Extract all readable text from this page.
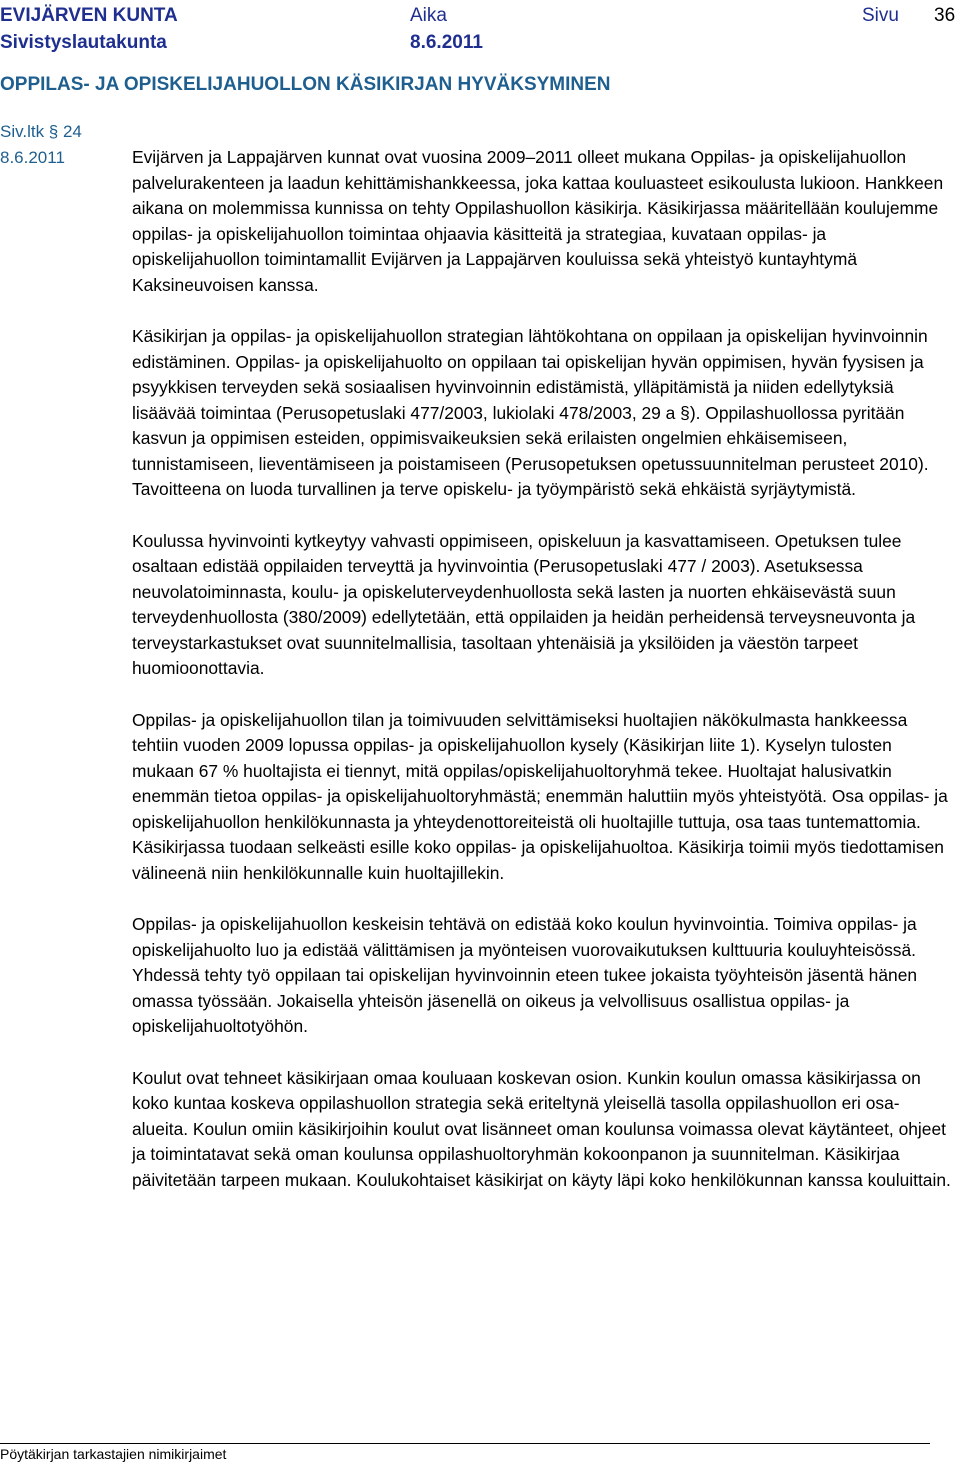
EVIJÄRVEN KUNTA
Sivistyslautakunta
Aika
8.6.2011
Sivu 36
OPPILAS- JA OPISKELIJAHUOLLON KÄSIKIRJAN HYVÄKSYMINEN
Siv.ltk § 24
8.6.2011	Evijärven ja Lappajärven kunnat ovat vuosina 2009–2011 olleet mukana Oppilas- ja opiskelijahuollon palvelurakenteen ja laadun kehittämishankkeessa, joka kattaa kouluasteet esikoulusta lukioon. Hankkeen aikana on molemmissa kunnissa on tehty Oppilashuollon käsikirja. Käsikirjassa määritellään koulujemme oppilas- ja opiskelijahuollon toimintaa ohjaavia käsitteitä ja strategiaa, kuvataan oppilas- ja opiskelijahuollon toimintamallit Evijärven ja Lappajärven kouluissa sekä yhteistyö kuntayhtymä Kaksineuvoisen kanssa.

Käsikirjan ja oppilas- ja opiskelijahuollon strategian lähtökohtana on oppilaan ja opiskelijan hyvinvoinnin edistäminen. Oppilas- ja opiskelijahuolto on oppilaan tai opiskelijan hyvän oppimisen, hyvän fyysisen ja psyykkisen terveyden sekä sosiaalisen hyvinvoinnin edistämistä, ylläpitämistä ja niiden edellytyksiä lisäävää toimintaa (Perusopetuslaki 477/2003, lukiolaki 478/2003, 29 a §). Oppilashuollossa pyritään kasvun ja oppimisen esteiden, oppimisvaikeuksien sekä erilaisten ongelmien ehkäisemiseen, tunnistamiseen, lieventämiseen ja poistamiseen (Perusopetuksen opetussuunnitelman perusteet 2010). Tavoitteena on luoda turvallinen ja terve opiskelu- ja työympäristö sekä ehkäistä syrjäytymistä.

Koulussa hyvinvointi kytkeytyy vahvasti oppimiseen, opiskeluun ja kasvattamiseen. Opetuksen tulee osaltaan edistää oppilaiden terveyttä ja hyvinvointia (Perusopetuslaki 477 / 2003). Asetuksessa neuvolatoiminnasta, koulu- ja opiskeluterveydenhuollosta sekä lasten ja nuorten ehkäisevästä suun terveydenhuollosta (380/2009) edellytetään, että oppilaiden ja heidän perheidensä terveysneuvonta ja terveystarkastukset ovat suunnitelmallisia, tasoltaan yhtenäisiä ja yksilöiden ja väestön tarpeet huomioonottavia.

Oppilas- ja opiskelijahuollon tilan ja toimivuuden selvittämiseksi huoltajien näkökulmasta hankkeessa tehtiin vuoden 2009 lopussa oppilas- ja opiskelijahuollon kysely (Käsikirjan liite 1). Kyselyn tulosten mukaan 67 % huoltajista ei tiennyt, mitä oppilas/opiskelijahuoltoryhmä tekee. Huoltajat halusivatkin enemmän tietoa oppilas- ja opiskelijahuoltoryhmästä; enemmän haluttiin myös yhteistyötä. Osa oppilas- ja opiskelijahuollon henkilökunnasta ja yhteydenottoreiteistä oli huoltajille tuttuja, osa taas tuntemattomia. Käsikirjassa tuodaan selkeästi esille koko oppilas- ja opiskelijahuoltoa. Käsikirja toimii myös tiedottamisen välineenä niin henkilökunnalle kuin huoltajillekin.

Oppilas- ja opiskelijahuollon keskeisin tehtävä on edistää koko koulun hyvinvointia. Toimiva oppilas- ja opiskelijahuolto luo ja edistää välittämisen ja myönteisen vuorovaikutuksen kulttuuria kouluyhteisössä. Yhdessä tehty työ oppilaan tai opiskelijan hyvinvoinnin eteen tukee jokaista työyhteisön jäsentä hänen omassa työssään. Jokaisella yhteisön jäsenellä on oikeus ja velvollisuus osallistua oppilas- ja opiskelijahuoltotyöhön.

Koulut ovat tehneet käsikirjaan omaa kouluaan koskevan osion. Kunkin koulun omassa käsikirjassa on koko kuntaa koskeva oppilashuollon strategia sekä eriteltynä yleisellä tasolla oppilashuollon eri osa-alueita. Koulun omiin käsikirjoihin koulut ovat lisänneet oman koulunsa voimassa olevat käytänteet, ohjeet ja toimintatavat sekä oman koulunsa oppilashuoltoryhmän kokoonpanon ja suunnitelman. Käsikirjaa päivitetään tarpeen mukaan. Koulukohtaiset käsikirjat on käyty läpi koko henkilökunnan kanssa kouluittain.

Pöytäkirjan tarkastajien nimikirjaimet
